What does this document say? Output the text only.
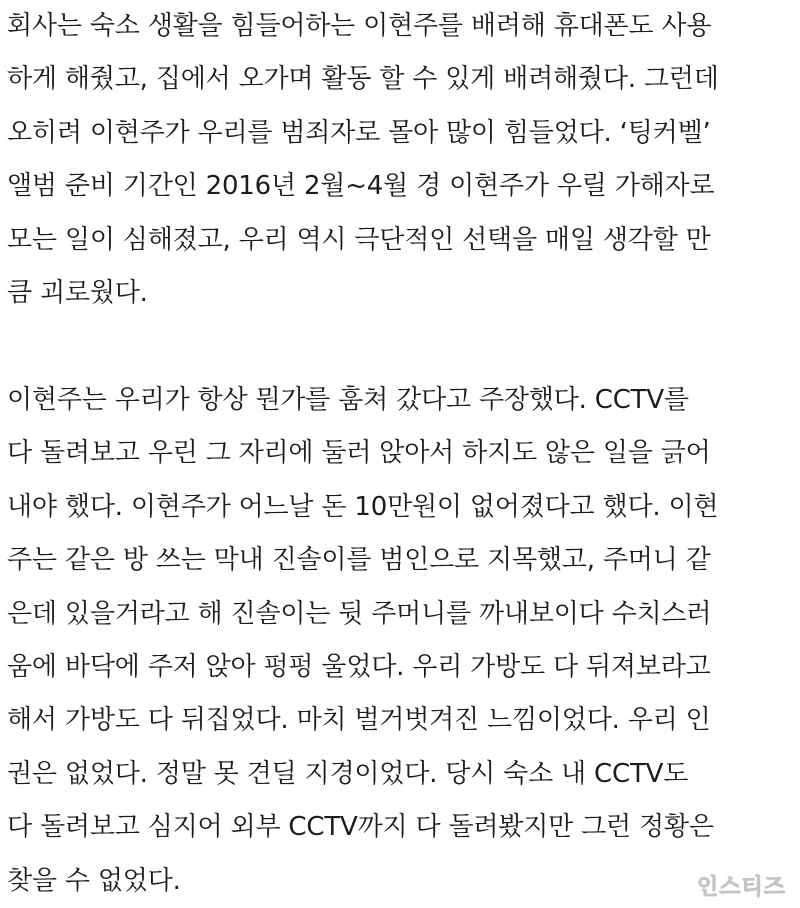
회사는 숙소 생활을 힘들어하는 이현주를 배려해 휴대폰도 사용
하게 해줬고, 집에서 오가며 활동 할 수 있게 배려해줬다. 그런데
오히려 이현주가 우리를 범죄자로 몰아 많이 힘들었다. ‘팅커벨’
앨범 준비 기간인 2016년 2월~4월 경 이현주가 우릴 가해자로
모는 일이 심해졌고, 우리 역시 극단적인 선택을 매일 생각할 만
큼 괴로웠다.
이현주는 우리가 항상 뭔가를 훔쳐 갔다고 주장했다. CCTV를
다 돌려보고 우린 그 자리에 둘러 앉아서 하지도 않은 일을 긁어
내야 했다. 이현주가 어느날 돈 10만원이 없어졌다고 했다. 이현
주는 같은 방 쓰는 막내 진솔이를 범인으로 지목했고, 주머니 같
은데 있을거라고 해 진솔이는 뒷 주머니를 까내보이다 수치스러
움에 바닥에 주저 앉아 펑펑 울었다. 우리 가방도 다 뒤져보라고
해서 가방도 다 뒤집었다. 마치 벌거벗겨진 느낌이었다. 우리 인
권은 없었다. 정말 못 견딜 지경이었다. 당시 숙소 내 CCTV도
다 돌려보고 심지어 외부 CCTV까지 다 돌려봤지만 그런 정황은
찾을 수 없었다.	인스티즈
